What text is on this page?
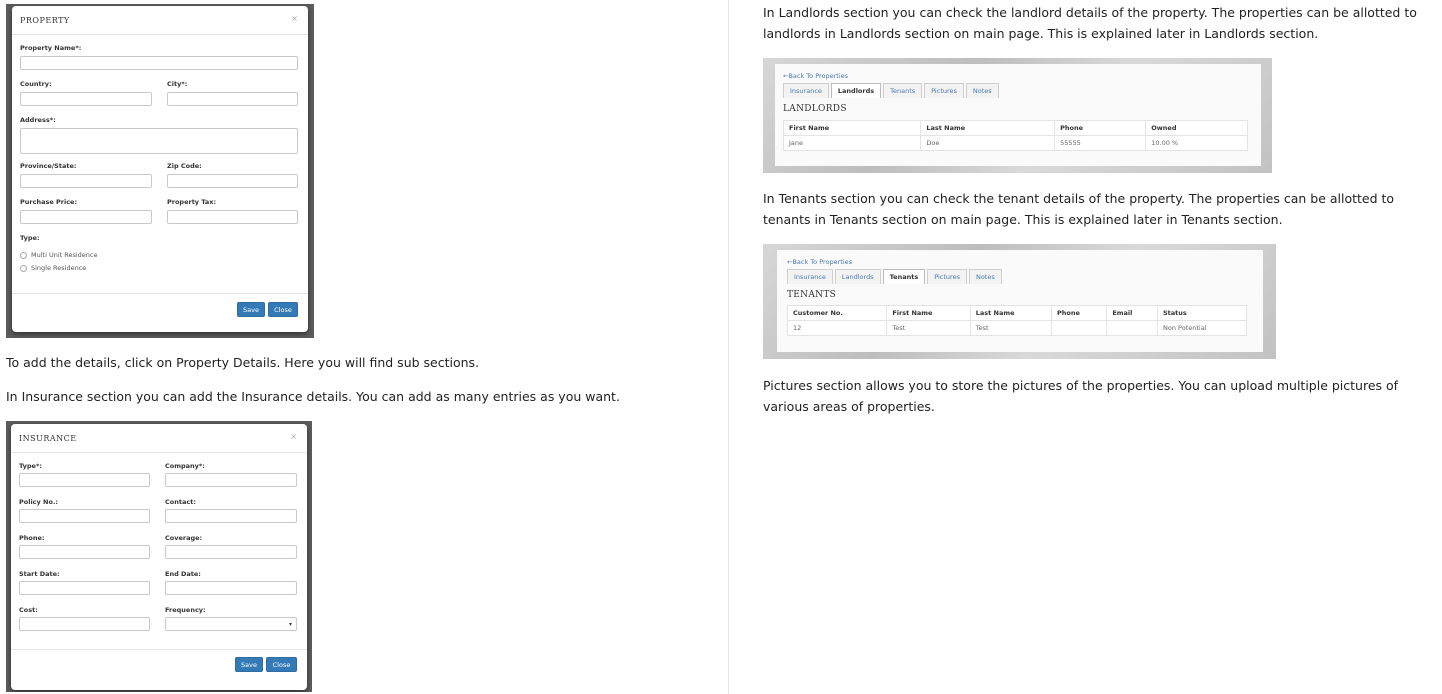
PROPERTY	×
Property Name*:
Country:	City*:
Address*:
Province/State:	Zip Code:
Purchase Price:	Property Tax:
Type:
Multi Unit Residence
Single Residence
Save	Close

To add the details, click on Property Details. Here you will find sub sections.

In Insurance section you can add the Insurance details. You can add as many entries as you want.

INSURANCE	×
Type*:	Company*:
Policy No.:	Contact:
Phone:	Coverage:
Start Date:	End Date:
Cost:	Frequency:
▾
Save	Close

In Landlords section you can check the landlord details of the property. The properties can be allotted to landlords in Landlords section on main page. This is explained later in Landlords section.

←Back To Properties
Insurance	Landlords	Tenants	Pictures	Notes
LANDLORDS
First Name	Last Name	Phone	Owned
Jane	Doe	55555	10.00 %

In Tenants section you can check the tenant details of the property. The properties can be allotted to tenants in Tenants section on main page. This is explained later in Tenants section.

←Back To Properties
Insurance	Landlords	Tenants	Pictures	Notes
TENANTS
Customer No.	First Name	Last Name	Phone	Email	Status
12	Test	Test			Non Potential

Pictures section allows you to store the pictures of the properties. You can upload multiple pictures of various areas of properties.
